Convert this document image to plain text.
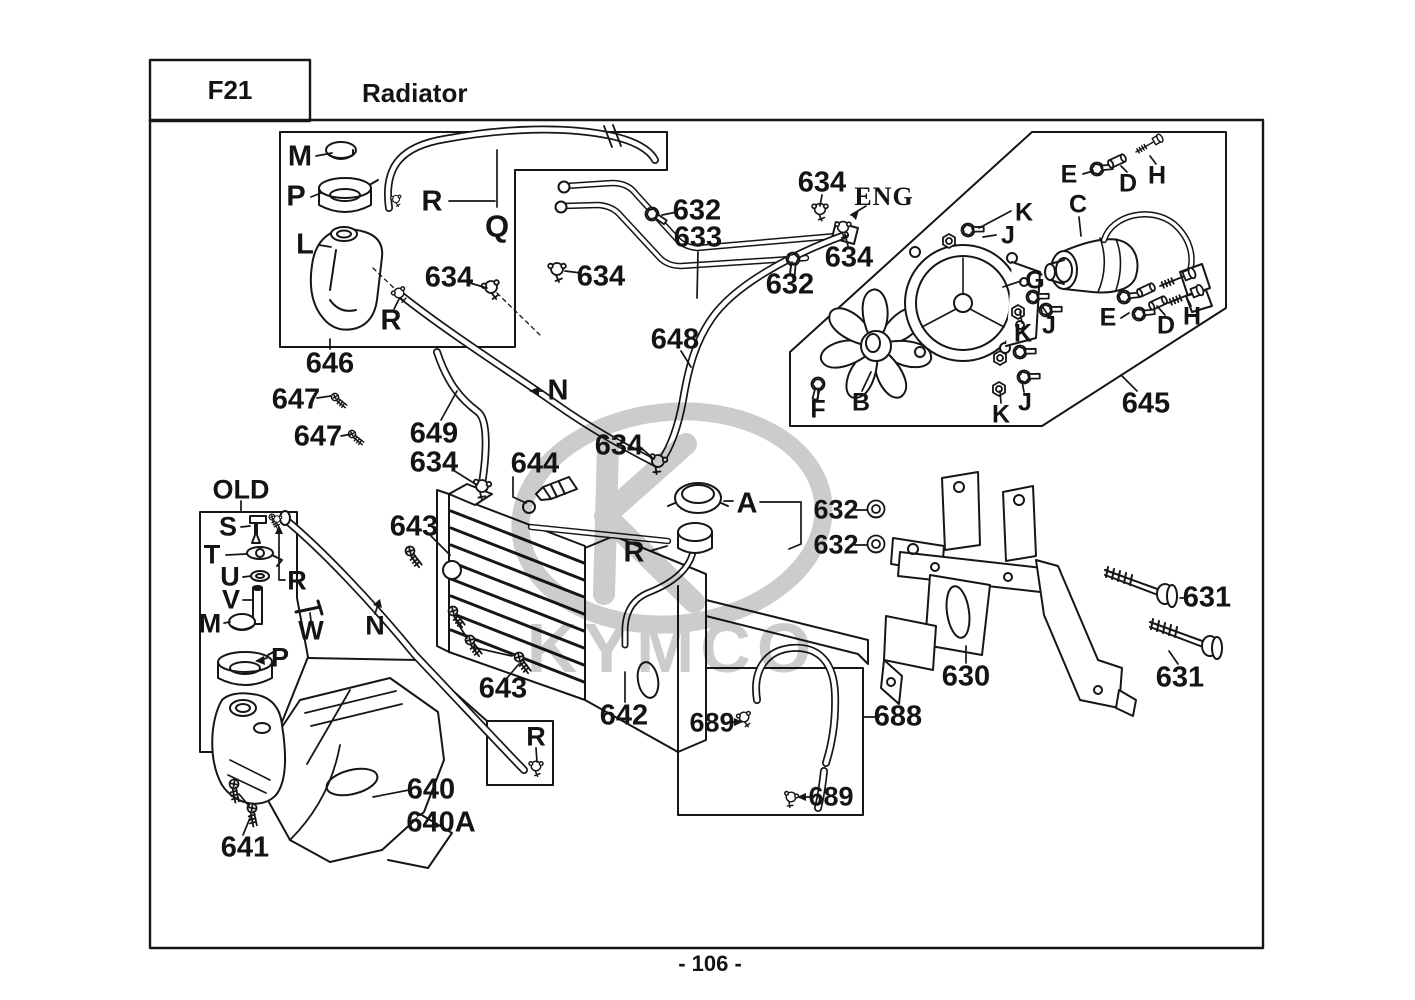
KYMCO
F21	Radiator
M
P
L
R
Q
R
646
647
647 649
634	634
632
633
634 ENG
634
632
648
N
634
644
634
643
A
R
632
632
OLD
S
T
U
V
M
R
W N
P
643
642
R
640
640A
641
689
689
688
630
631
631
645
E D H
C
K
J
G
J
K
J
K
F B
E D H
- 106 -
